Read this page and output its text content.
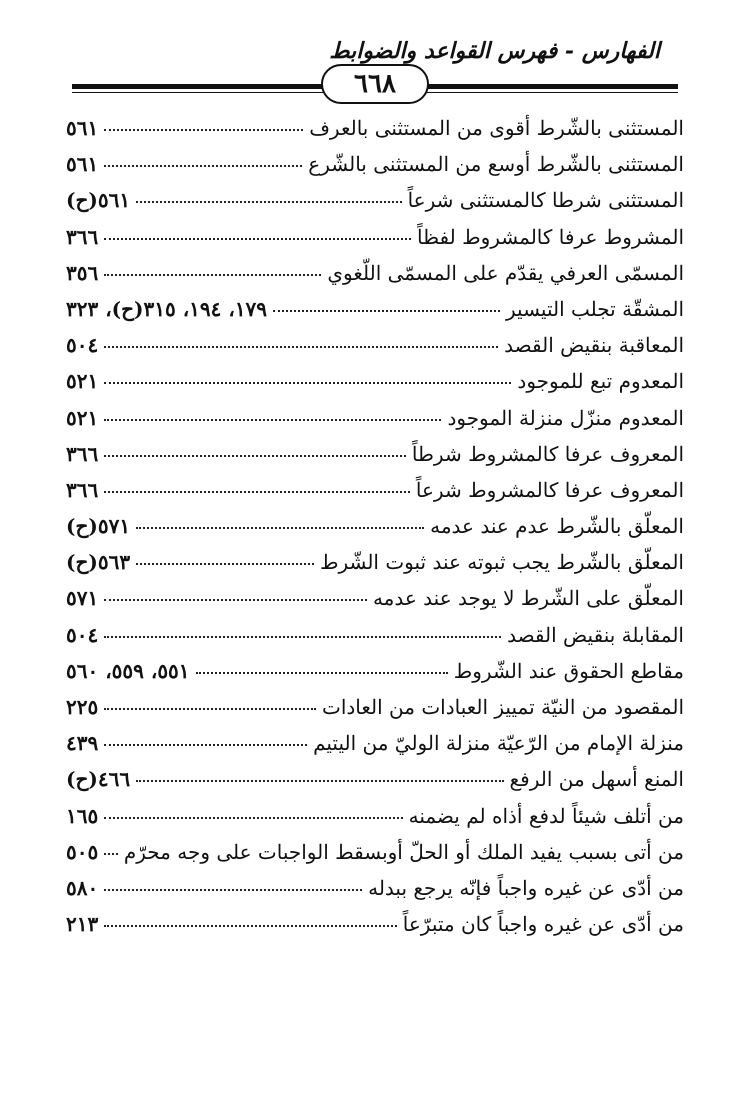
الفهارس - فهرس القواعد والضوابط
٦٦٨
المستثنى بالشّرط أقوى من المستثنى بالعرف
٥٦١
المستثنى بالشّرط أوسع من المستثنى بالشّرع
٥٦١
المستثنى شرطا كالمستثنى شرعاً
٥٦١(ح)
المشروط عرفا كالمشروط لفظاً
٣٦٦
المسمّى العرفي يقدّم على المسمّى اللّغوي
٣٥٦
المشقّة تجلب التيسير
١٧٩، ١٩٤، ٣١٥(ح)، ٣٢٣
المعاقبة بنقيض القصد
٥٠٤
المعدوم تبع للموجود
٥٢١
المعدوم منزّل منزلة الموجود
٥٢١
المعروف عرفا كالمشروط شرطاً
٣٦٦
المعروف عرفا كالمشروط شرعاً
٣٦٦
المعلّق بالشّرط عدم عند عدمه
٥٧١(ح)
المعلّق بالشّرط يجب ثبوته عند ثبوت الشّرط
٥٦٣(ح)
المعلّق على الشّرط لا يوجد عند عدمه
٥٧١
المقابلة بنقيض القصد
٥٠٤
مقاطع الحقوق عند الشّروط
٥٥١، ٥٥٩، ٥٦٠
المقصود من النيّة تمييز العبادات من العادات
٢٢٥
منزلة الإمام من الرّعيّة منزلة الوليّ من اليتيم
٤٣٩
المنع أسهل من الرفع
٤٦٦(ح)
من أتلف شيئاً لدفع أذاه لم يضمنه
١٦٥
من أتى بسبب يفيد الملك أو الحلّ أوبسقط الواجبات على وجه محرّم
٥٠٥
من أدّى عن غيره واجباً فإنّه يرجع ببدله
٥٨٠
من أدّى عن غيره واجباً كان متبرّعاً
٢١٣
